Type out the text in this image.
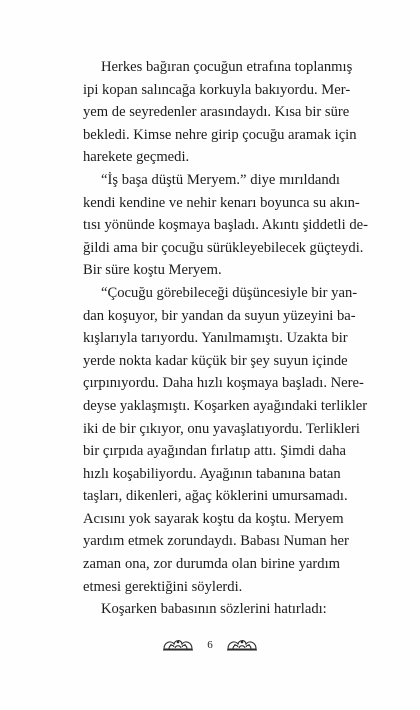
Herkes bağıran çocuğun etrafına toplanmış
ipi kopan salıncağa korkuyla bakıyordu. Mer-
yem de seyredenler arasındaydı. Kısa bir süre
bekledi. Kimse nehre girip çocuğu aramak için
harekete geçmedi.
“İş başa düştü Meryem.” diye mırıldandı
kendi kendine ve nehir kenarı boyunca su akın-
tısı yönünde koşmaya başladı. Akıntı şiddetli de-
ğildi ama bir çocuğu sürükleyebilecek güçteydi.
Bir süre koştu Meryem.
“Çocuğu görebileceği düşüncesiyle bir yan-
dan koşuyor, bir yandan da suyun yüzeyini ba-
kışlarıyla tarıyordu. Yanılmamıştı. Uzakta bir
yerde nokta kadar küçük bir şey suyun içinde
çırpınıyordu. Daha hızlı koşmaya başladı. Nere-
deyse yaklaşmıştı. Koşarken ayağındaki terlikler
iki de bir çıkıyor, onu yavaşlatıyordu. Terlikleri
bir çırpıda ayağından fırlatıp attı. Şimdi daha
hızlı koşabiliyordu. Ayağının tabanına batan
taşları, dikenleri, ağaç köklerini umursamadı.
Acısını yok sayarak koştu da koştu. Meryem
yardım etmek zorundaydı. Babası Numan her
zaman ona, zor durumda olan birine yardım
etmesi gerektiğini söylerdi.
Koşarken babasının sözlerini hatırladı:
6
